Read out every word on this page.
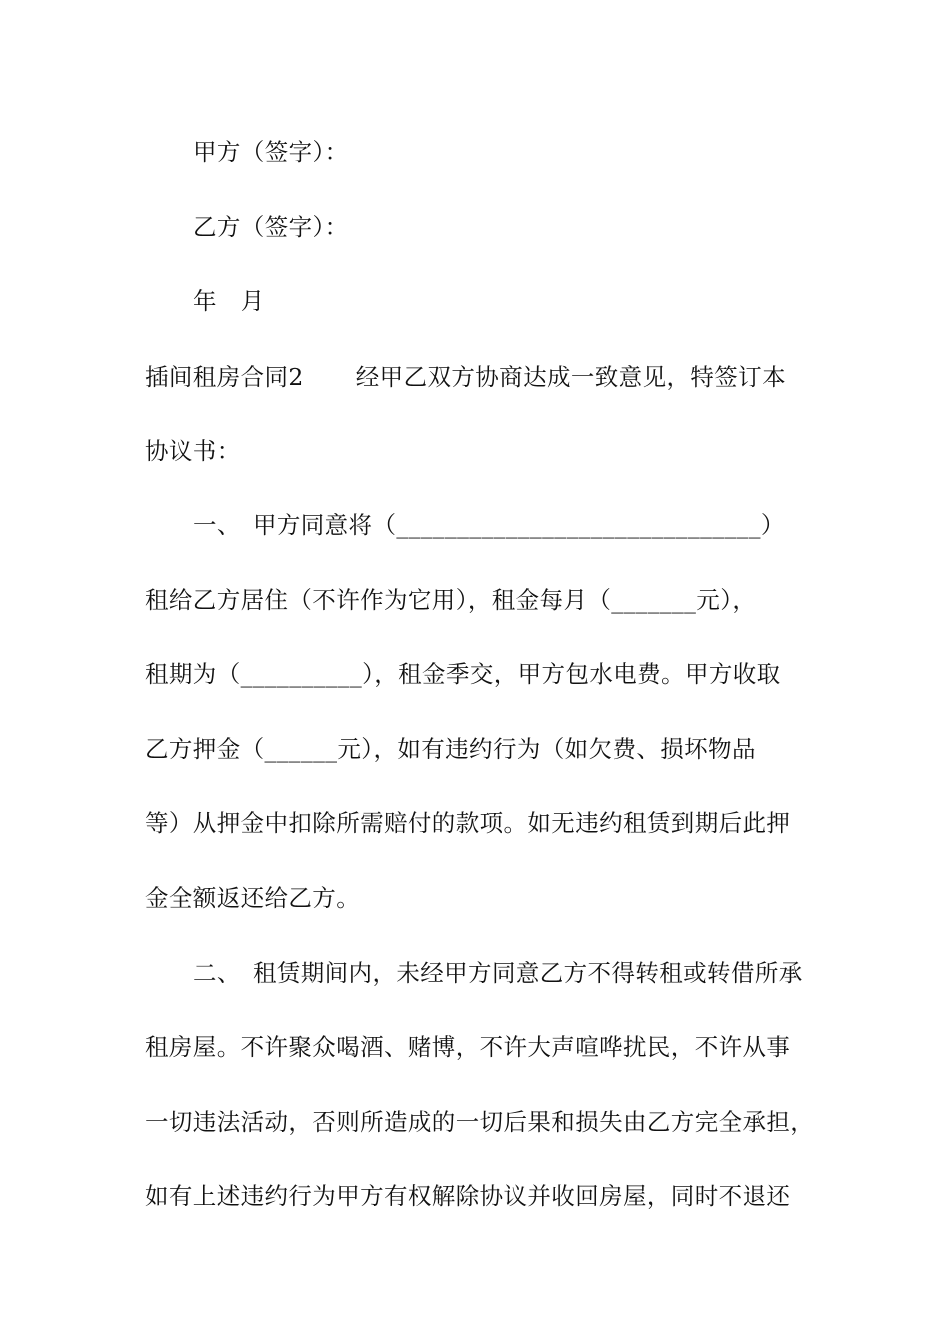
甲方（签字）：
乙方（签字）：
年　月
插间租房合同2 经甲乙双方协商达成一致意见，特签订本
协议书：
一、　甲方同意将（______________________________）
租给乙方居住（不许作为它用），租金每月（_______元），
租期为（__________），租金季交，甲方包水电费。甲方收取
乙方押金（______元），如有违约行为（如欠费、损坏物品
等）从押金中扣除所需赔付的款项。如无违约租赁到期后此押
金全额返还给乙方。
二、　租赁期间内，未经甲方同意乙方不得转租或转借所承
租房屋。不许聚众喝酒、赌博，不许大声喧哗扰民，不许从事
一切违法活动，否则所造成的一切后果和损失由乙方完全承担，
如有上述违约行为甲方有权解除协议并收回房屋，同时不退还
